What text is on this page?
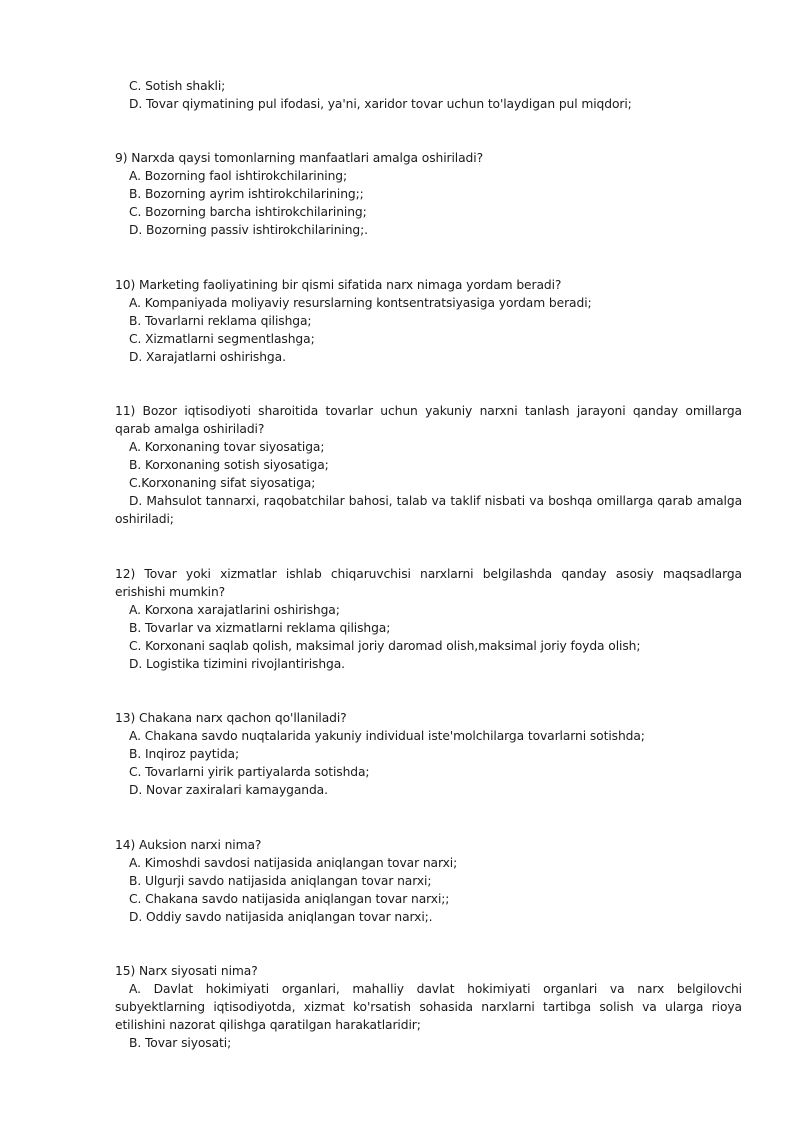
C. Sotish shakli;
D. Tovar qiymatining pul ifodasi, ya'ni, xaridor tovar uchun to'laydigan pul miqdori;
9) Narxda qaysi tomonlarning manfaatlari amalga oshiriladi?
A. Bozorning faol ishtirokchilarining;
B. Bozorning ayrim ishtirokchilarining;;
C. Bozorning barcha ishtirokchilarining;
D. Bozorning passiv ishtirokchilarining;.
10) Marketing faoliyatining bir qismi sifatida narx nimaga yordam beradi?
A. Kompaniyada moliyaviy resurslarning kontsentratsiyasiga yordam beradi;
B. Tovarlarni reklama qilishga;
C. Xizmatlarni segmentlashga;
D. Xarajatlarni oshirishga.
11) Bozor iqtisodiyoti sharoitida tovarlar uchun yakuniy narxni tanlash jarayoni qanday omillarga qarab amalga oshiriladi?
A. Korxonaning tovar siyosatiga;
B. Korxonaning sotish siyosatiga;
C.Korxonaning sifat siyosatiga;
D. Mahsulot tannarxi, raqobatchilar bahosi, talab va taklif nisbati va boshqa omillarga qarab amalga oshiriladi;
12) Tovar yoki xizmatlar ishlab chiqaruvchisi narxlarni belgilashda qanday asosiy maqsadlarga erishishi mumkin?
A. Korxona xarajatlarini oshirishga;
B. Tovarlar va xizmatlarni reklama qilishga;
C. Korxonani saqlab qolish, maksimal joriy daromad olish,maksimal joriy foyda olish;
D. Logistika tizimini rivojlantirishga.
13) Chakana narx qachon qo'llaniladi?
A. Chakana savdo nuqtalarida yakuniy individual iste'molchilarga tovarlarni sotishda;
B. Inqiroz paytida;
C. Tovarlarni yirik partiyalarda sotishda;
D. Novar zaxiralari kamayganda.
14) Auksion narxi nima?
A. Kimoshdi savdosi natijasida aniqlangan tovar narxi;
B. Ulgurji savdo natijasida aniqlangan tovar narxi;
C. Chakana savdo natijasida aniqlangan tovar narxi;;
D. Oddiy savdo natijasida aniqlangan tovar narxi;.
15) Narx siyosati nima?
A. Davlat hokimiyati organlari, mahalliy davlat hokimiyati organlari va narx belgilovchi subyektlarning iqtisodiyotda, xizmat ko'rsatish sohasida narxlarni tartibga solish va ularga rioya etilishini nazorat qilishga qaratilgan harakatlaridir;
B. Tovar siyosati;
